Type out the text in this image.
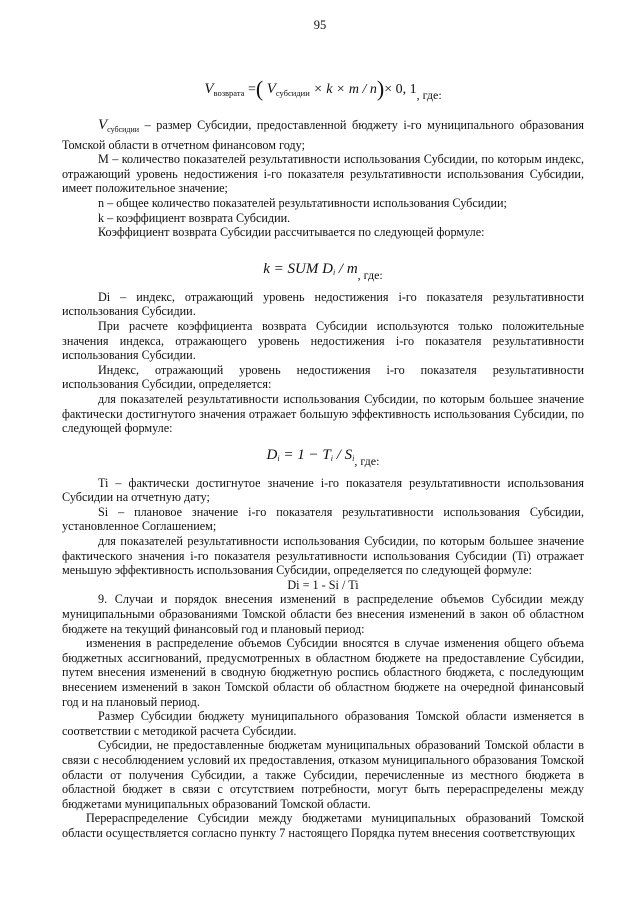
95
$V_{возврата}$ =( $V_{субсидии} \times k \times m / n)\times 0$, 1, где:

$V_{субсидии}$ – размер Субсидии, предоставленной бюджету i-го муниципального образования Томской области в отчетном финансовом году;

М – количество показателей результативности использования Субсидии, по которым индекс, отражающий уровень недостижения i-го показателя результативности использования Субсидии, имеет положительное значение;

n – общее количество показателей результативности использования Субсидии;

k – коэффициент возврата Субсидии.

Коэффициент возврата Субсидии рассчитывается по следующей формуле:

k = SUM $D_i / m_{, где:}$

Di – индекс, отражающий уровень недостижения i-го показателя результативности использования Субсидии.

При расчете коэффициента возврата Субсидии используются только положительные значения индекса, отражающего уровень недостижения i-го показателя результативности использования Субсидии.

Индекс, отражающий уровень недостижения i-го показателя результативности использования Субсидии, определяется:

для показателей результативности использования Субсидии, по которым большее значение фактически достигнутого значения отражает большую эффективность использования Субсидии, по следующей формуле:

$D_i = 1 - T_i / S_{i, где:}$

Ti – фактически достигнутое значение i-го показателя результативности использования Субсидии на отчетную дату;

Si – плановое значение i-го показателя результативности использования Субсидии, установленное Соглашением;

для показателей результативности использования Субсидии, по которым большее значение фактического значения i-го показателя результативности использования Субсидии (Ti) отражает меньшую эффективность использования Субсидии, определяется по следующей формуле:

Di = 1 - Si / Ti

9. Случаи и порядок внесения изменений в распределение объемов Субсидии между муниципальными образованиями Томской области без внесения изменений в закон об областном бюджете на текущий финансовый год и плановый период:

изменения в распределение объемов Субсидии вносятся в случае изменения общего объема бюджетных ассигнований, предусмотренных в областном бюджете на предоставление Субсидии, путем внесения изменений в сводную бюджетную роспись областного бюджета, с последующим внесением изменений в закон Томской области об областном бюджете на очередной финансовый год и на плановый период.

Размер Субсидии бюджету муниципального образования Томской области изменяется в соответствии с методикой расчета Субсидии.

Субсидии, не предоставленные бюджетам муниципальных образований Томской области в связи с несоблюдением условий их предоставления, отказом муниципального образования Томской области от получения Субсидии, а также Субсидии, перечисленные из местного бюджета в областной бюджет в связи с отсутствием потребности, могут быть перераспределены между бюджетами муниципальных образований Томской области.

Перераспределение Субсидии между бюджетами муниципальных образований Томской области осуществляется согласно пункту 7 настоящего Порядка путем внесения соответствующих
